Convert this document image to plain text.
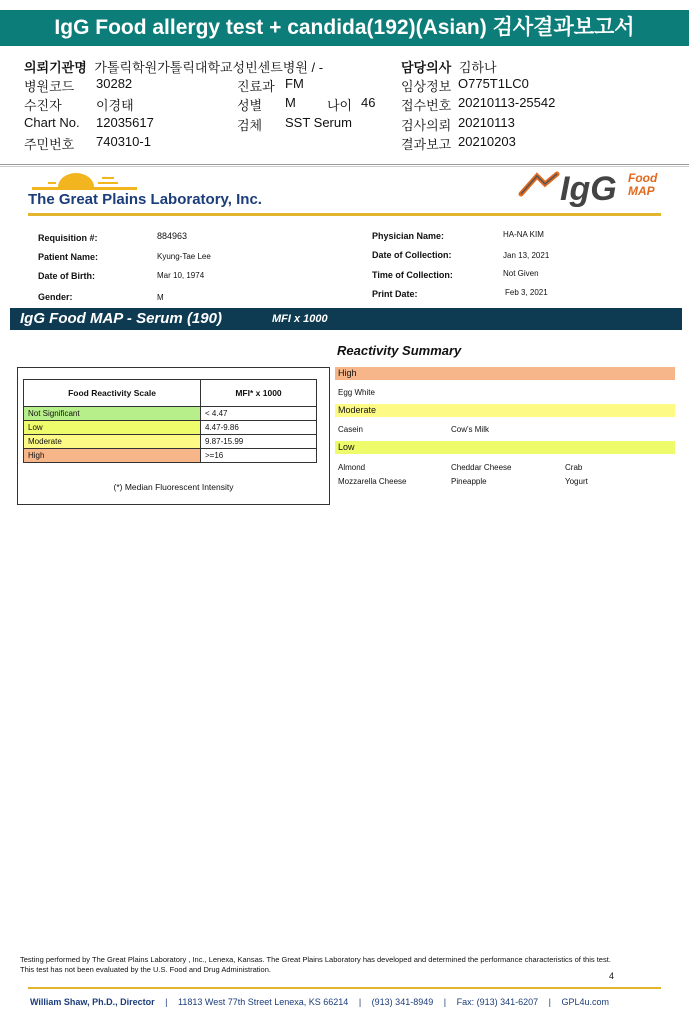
IgG Food allergy test + candida(192)(Asian) 검사결과보고서
의뢰기관명 가톨릭학원가톨릭대학교성빈센트병원 / -	담당의사 김하나
병원코드 30282	진료과 FM	임상정보 O775T1LC0
수진자	이경태	성별 M 나이 46 접수번호 20210113-25542
Chart No. 12035617	검체 SST Serum	검사의뢰 20210113
주민번호 740310-1	결과보고 20210203
The Great Plains Laboratory, Inc.	IgG Food
MAP
Requisition #:	884963
Patient Name:	Kyung-Tae Lee
Date of Birth:	Mar 10, 1974
Gender:	M
Physician Name:	HA-NA KIM
Date of Collection:	Jan 13, 2021
Time of Collection:	Not Given
Print Date:	Feb 3, 2021
IgG Food MAP - Serum (190)	MFI x 1000
Food Reactivity Scale	MFI* x 1000
Not Significant	< 4.47
Low	4.47-9.86
Moderate	9.87-15.99
High	>=16
(*) Median Fluorescent Intensity
Reactivity Summary
High
Egg White
Moderate
Casein	Cow's Milk
Low
Almond	Cheddar Cheese	Crab
Mozzarella Cheese	Pineapple	Yogurt
Testing performed by The Great Plains Laboratory , Inc., Lenexa, Kansas. The Great Plains Laboratory has developed and determined the performance characteristics of this test. This test has not been evaluated by the U.S. Food and Drug Administration.
4
William Shaw, Ph.D., Director | 11813 West 77th Street Lenexa, KS 66214 | (913) 341-8949 | Fax: (913) 341-6207 | GPL4u.com
